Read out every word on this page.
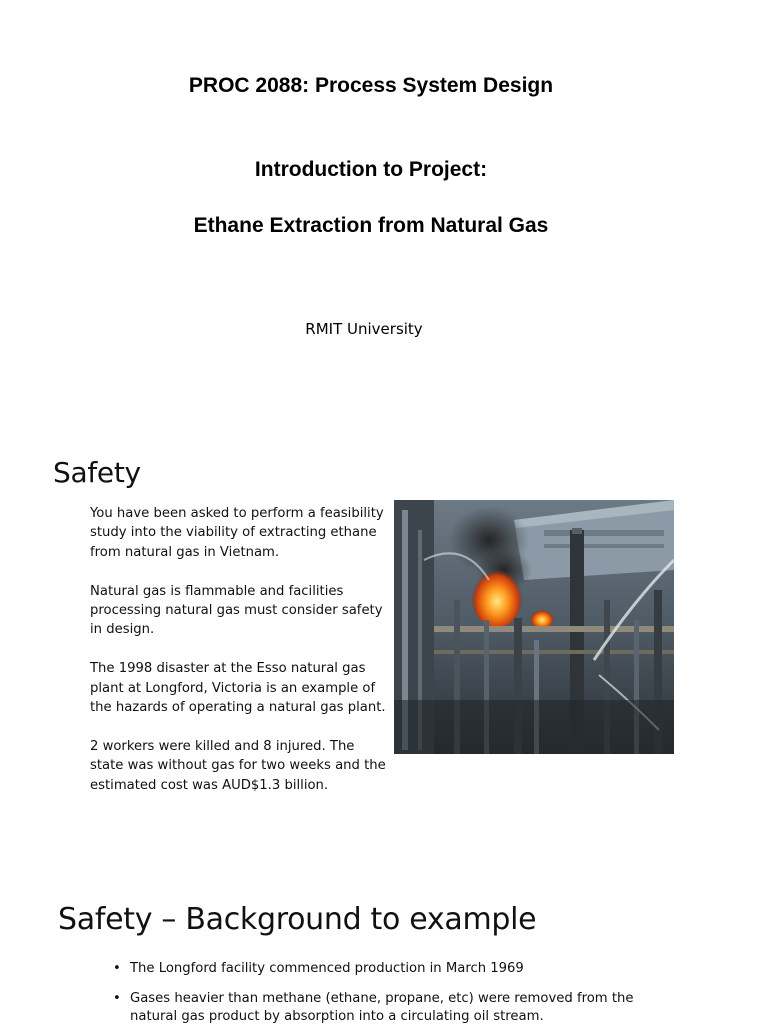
PROC 2088: Process System Design
Introduction to Project:
Ethane Extraction from Natural Gas
RMIT University
Safety

You have been asked to perform a feasibility study into the viability of extracting ethane from natural gas in Vietnam.

Natural gas is flammable and facilities processing natural gas must consider safety in design.

The 1998 disaster at the Esso natural gas plant at Longford, Victoria is an example of the hazards of operating a natural gas plant.

2 workers were killed and 8 injured. The state was without gas for two weeks and the estimated cost was AUD$1.3 billion.

Safety – Background to example
• The Longford facility commenced production in March 1969
• Gases heavier than methane (ethane, propane, etc) were removed from the natural gas product by absorption into a circulating oil stream.
